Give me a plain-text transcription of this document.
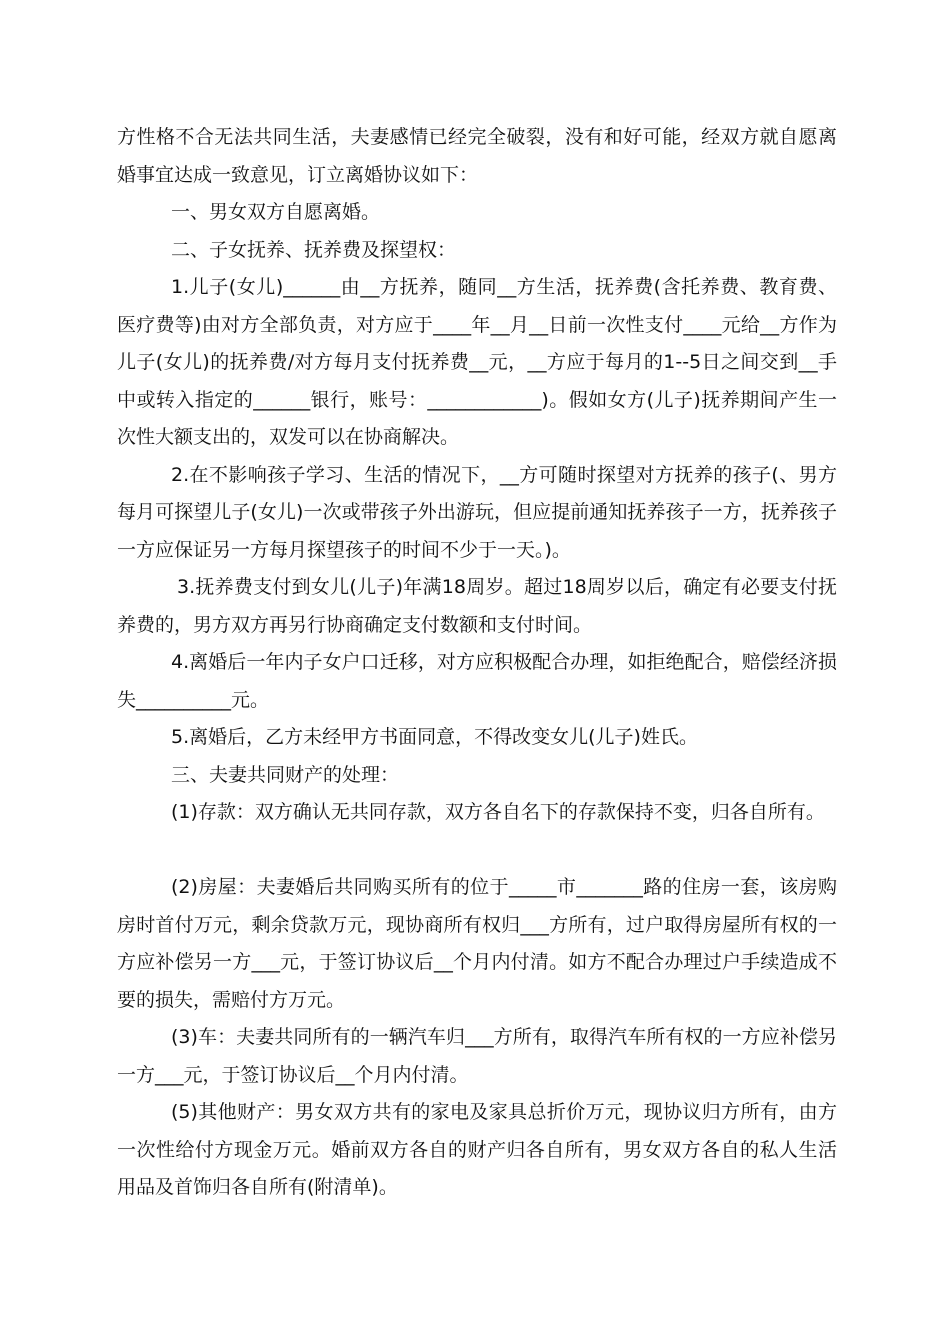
方性格不合无法共同生活，夫妻感情已经完全破裂，没有和好可能，经双方就自愿离婚事宜达成一致意见，订立离婚协议如下：

一、男女双方自愿离婚。

二、子女抚养、抚养费及探望权：

1.儿子(女儿)______由__方抚养，随同__方生活，抚养费(含托养费、教育费、医疗费等)由对方全部负责，对方应于____年__月__日前一次性支付____元给__方作为儿子(女儿)的抚养费/对方每月支付抚养费__元，__方应于每月的1--5日之间交到__手中或转入指定的______银行，账号：____________)。假如女方(儿子)抚养期间产生一次性大额支出的，双发可以在协商解决。

2.在不影响孩子学习、生活的情况下，__方可随时探望对方抚养的孩子(、男方每月可探望儿子(女儿)一次或带孩子外出游玩，但应提前通知抚养孩子一方，抚养孩子一方应保证另一方每月探望孩子的时间不少于一天。)。

3.抚养费支付到女儿(儿子)年满18周岁。超过18周岁以后，确定有必要支付抚养费的，男方双方再另行协商确定支付数额和支付时间。

4.离婚后一年内子女户口迁移，对方应积极配合办理，如拒绝配合，赔偿经济损失__________元。

5.离婚后，乙方未经甲方书面同意，不得改变女儿(儿子)姓氏。

三、夫妻共同财产的处理：

(1)存款：双方确认无共同存款，双方各自名下的存款保持不变，归各自所有。

(2)房屋：夫妻婚后共同购买所有的位于_____市_______路的住房一套，该房购房时首付万元，剩余贷款万元，现协商所有权归___方所有，过户取得房屋所有权的一方应补偿另一方___元，于签订协议后__个月内付清。如方不配合办理过户手续造成不要的损失，需赔付方万元。

(3)车：夫妻共同所有的一辆汽车归___方所有，取得汽车所有权的一方应补偿另一方___元，于签订协议后__个月内付清。

(5)其他财产：男女双方共有的家电及家具总折价万元，现协议归方所有，由方一次性给付方现金万元。婚前双方各自的财产归各自所有，男女双方各自的私人生活用品及首饰归各自所有(附清单)。
